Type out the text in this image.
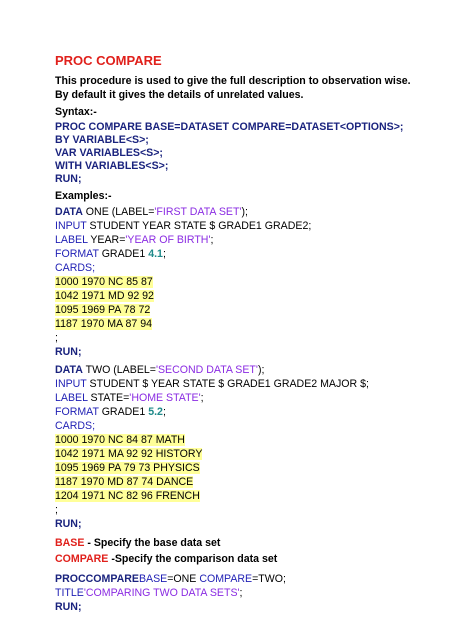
PROC COMPARE
This procedure is used to give the full description to observation wise.
By default it gives the details of unrelated values.
Syntax:-
PROC COMPARE BASE=DATASET COMPARE=DATASET<OPTIONS>;
BY VARIABLE<S>;
VAR VARIABLES<S>;
WITH VARIABLES<S>;
RUN;
Examples:-
DATA ONE (LABEL='FIRST DATA SET');
INPUT STUDENT YEAR STATE $ GRADE1 GRADE2;
LABEL YEAR='YEAR OF BIRTH';
FORMAT GRADE1 4.1;
CARDS;
1000 1970 NC 85 87
1042 1971 MD 92 92
1095 1969 PA 78 72
1187 1970 MA 87 94
;
RUN;
DATA TWO (LABEL='SECOND DATA SET');
INPUT STUDENT $ YEAR STATE $ GRADE1 GRADE2 MAJOR $;
LABEL STATE='HOME STATE';
FORMAT GRADE1 5.2;
CARDS;
1000 1970 NC 84 87 MATH
1042 1971 MA 92 92 HISTORY
1095 1969 PA 79 73 PHYSICS
1187 1970 MD 87 74 DANCE
1204 1971 NC 82 96 FRENCH
;
RUN;
BASE - Specify the base data set
COMPARE -Specify the comparison data set
PROCCOMPAREBASE=ONE COMPARE=TWO;
TITLE'COMPARING TWO DATA SETS';
RUN;
